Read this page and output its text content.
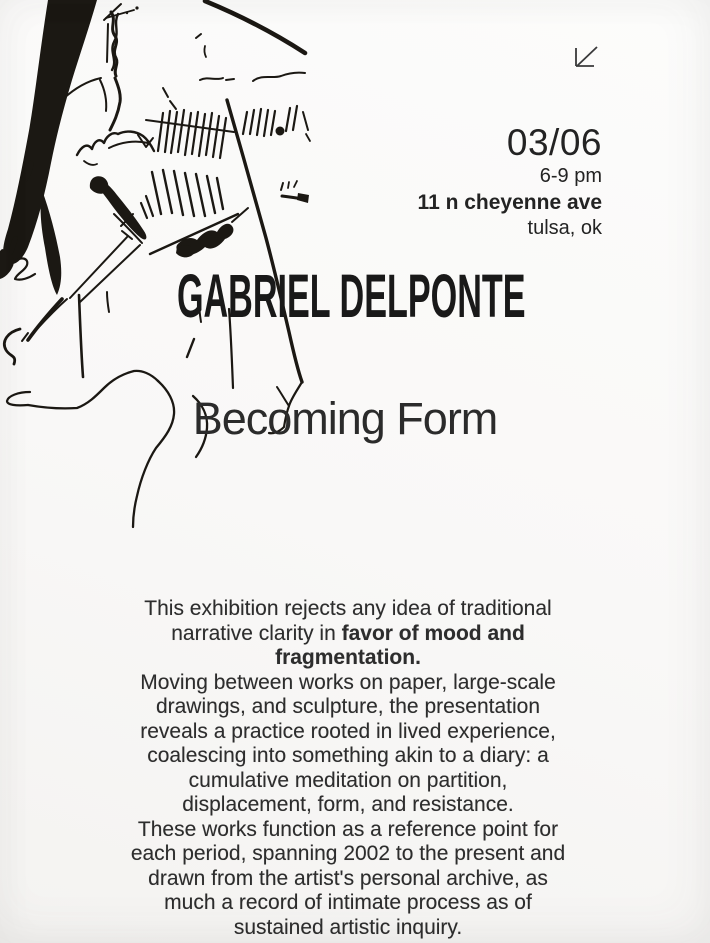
03/06
6-9 pm
11 n cheyenne ave
tulsa, ok
GABRIEL DELPONTE
Becoming Form
This exhibition rejects any idea of traditional
narrative clarity in favor of mood and
fragmentation.
Moving between works on paper, large-scale
drawings, and sculpture, the presentation
reveals a practice rooted in lived experience,
coalescing into something akin to a diary: a
cumulative meditation on partition,
displacement, form, and resistance.
These works function as a reference point for
each period, spanning 2002 to the present and
drawn from the artist's personal archive, as
much a record of intimate process as of
sustained artistic inquiry.
